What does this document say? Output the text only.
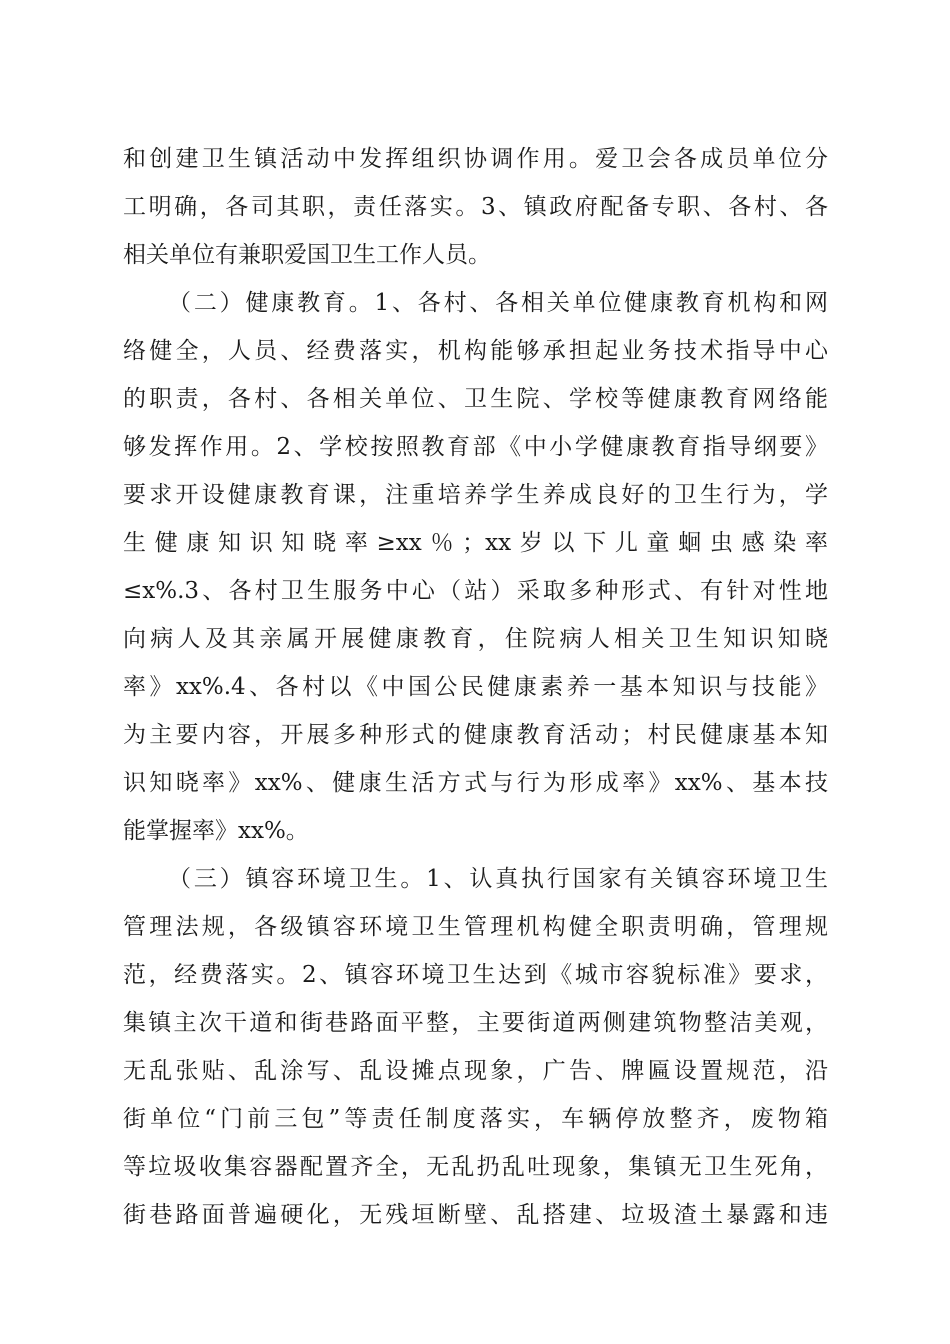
和创建卫生镇活动中发挥组织协调作用。爱卫会各成员单位分
工明确，各司其职，责任落实。3、镇政府配备专职、各村、各
相关单位有兼职爱国卫生工作人员。
（二）健康教育。1、各村、各相关单位健康教育机构和网
络健全，人员、经费落实，机构能够承担起业务技术指导中心
的职责，各村、各相关单位、卫生院、学校等健康教育网络能
够发挥作用。2、学校按照教育部《中小学健康教育指导纲要》
要求开设健康教育课，注重培养学生养成良好的卫生行为，学
生健康知识知晓率≥xx％；xx岁以下儿童蛔虫感染率
≤x%.3、各村卫生服务中心（站）采取多种形式、有针对性地
向病人及其亲属开展健康教育，住院病人相关卫生知识知晓
率》xx%.4、各村以《中国公民健康素养一基本知识与技能》
为主要内容，开展多种形式的健康教育活动；村民健康基本知
识知晓率》xx%、健康生活方式与行为形成率》xx%、基本技
能掌握率》xx%。
（三）镇容环境卫生。1、认真执行国家有关镇容环境卫生
管理法规，各级镇容环境卫生管理机构健全职责明确，管理规
范，经费落实。2、镇容环境卫生达到《城市容貌标准》要求，
集镇主次干道和街巷路面平整，主要街道两侧建筑物整洁美观，
无乱张贴、乱涂写、乱设摊点现象，广告、牌匾设置规范，沿
街单位“门前三包”等责任制度落实，车辆停放整齐，废物箱
等垃圾收集容器配置齐全，无乱扔乱吐现象，集镇无卫生死角，
街巷路面普遍硬化，无残垣断壁、乱搭建、垃圾渣土暴露和违
